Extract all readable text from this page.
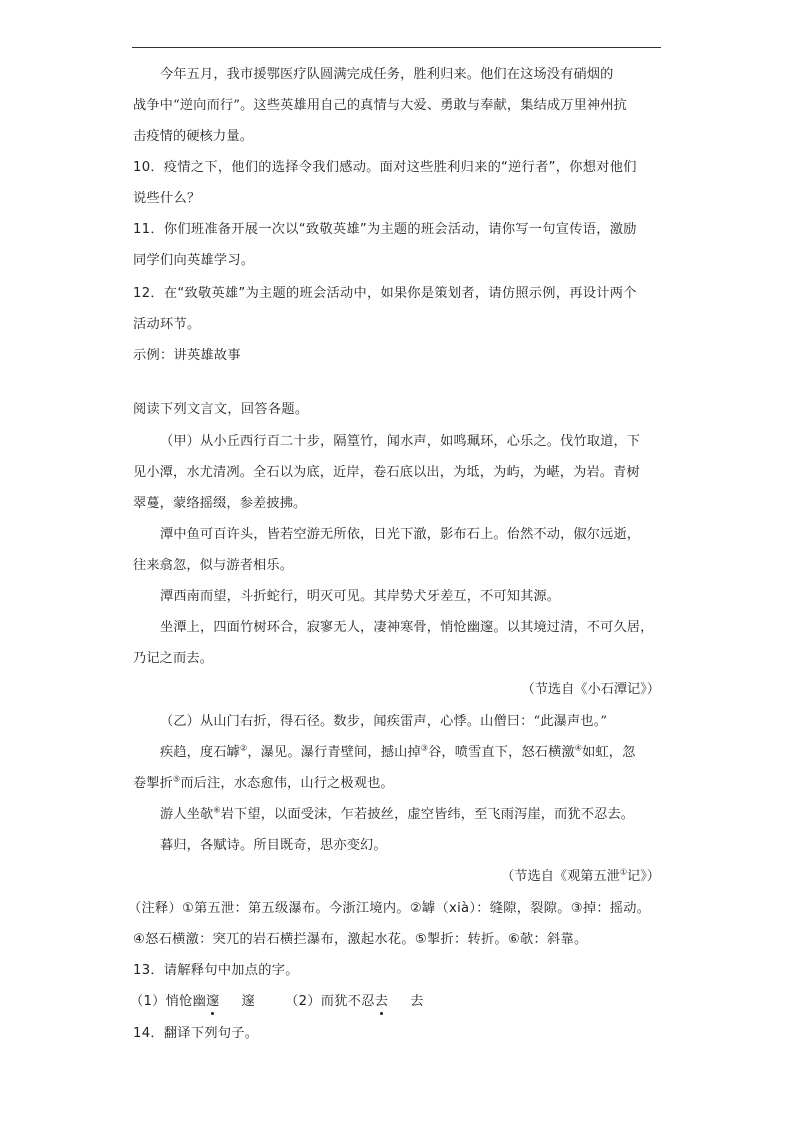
今年五月，我市援鄂医疗队圆满完成任务，胜利归来。他们在这场没有硝烟的
战争中“逆向而行”。这些英雄用自己的真情与大爱、勇敢与奉献，集结成万里神州抗
击疫情的硬核力量。
10．疫情之下，他们的选择令我们感动。面对这些胜利归来的“逆行者”，你想对他们
说些什么？
11．你们班准备开展一次以“致敬英雄”为主题的班会活动，请你写一句宣传语，激励
同学们向英雄学习。
12．在“致敬英雄”为主题的班会活动中，如果你是策划者，请仿照示例，再设计两个
活动环节。
示例：讲英雄故事
阅读下列文言文，回答各题。
（甲）从小丘西行百二十步，隔篁竹，闻水声，如鸣珮环，心乐之。伐竹取道，下
见小潭，水尤清冽。全石以为底，近岸，卷石底以出，为坻，为屿，为嵁，为岩。青树
翠蔓，蒙络摇缀，参差披拂。
潭中鱼可百许头，皆若空游无所依，日光下澈，影布石上。佁然不动，俶尔远逝，
往来翕忽，似与游者相乐。
潭西南而望，斗折蛇行，明灭可见。其岸势犬牙差互，不可知其源。
坐潭上，四面竹树环合，寂寥无人，凄神寒骨，悄怆幽邃。以其境过清，不可久居，
乃记之而去。
（节选自《小石潭记》）
（乙）从山门右折，得石径。数步，闻疾雷声，心悸。山僧曰：“此瀑声也。”
疾趋，度石罅②，瀑见。瀑行青壁间，撼山掉③谷，喷雪直下，怒石横激④如虹，忽
卷掣折⑤而后注，水态愈伟，山行之极观也。
游人坐欹⑥岩下望，以面受沫，乍若披丝，虚空皆纬，至飞雨泻崖，而犹不忍去。
暮归，各赋诗。所目既奇，思亦变幻。
（节选自《观第五泄①记》）
（注释）①第五泄：第五级瀑布。今浙江境内。②罅（xià）：缝隙，裂隙。③掉：摇动。
④怒石横激：突兀的岩石横拦瀑布，激起水花。⑤掣折：转折。⑥欹：斜靠。
13．请解释句中加点的字。
（1）悄怆幽邃 邃 （2）而犹不忍去 去
14．翻译下列句子。
